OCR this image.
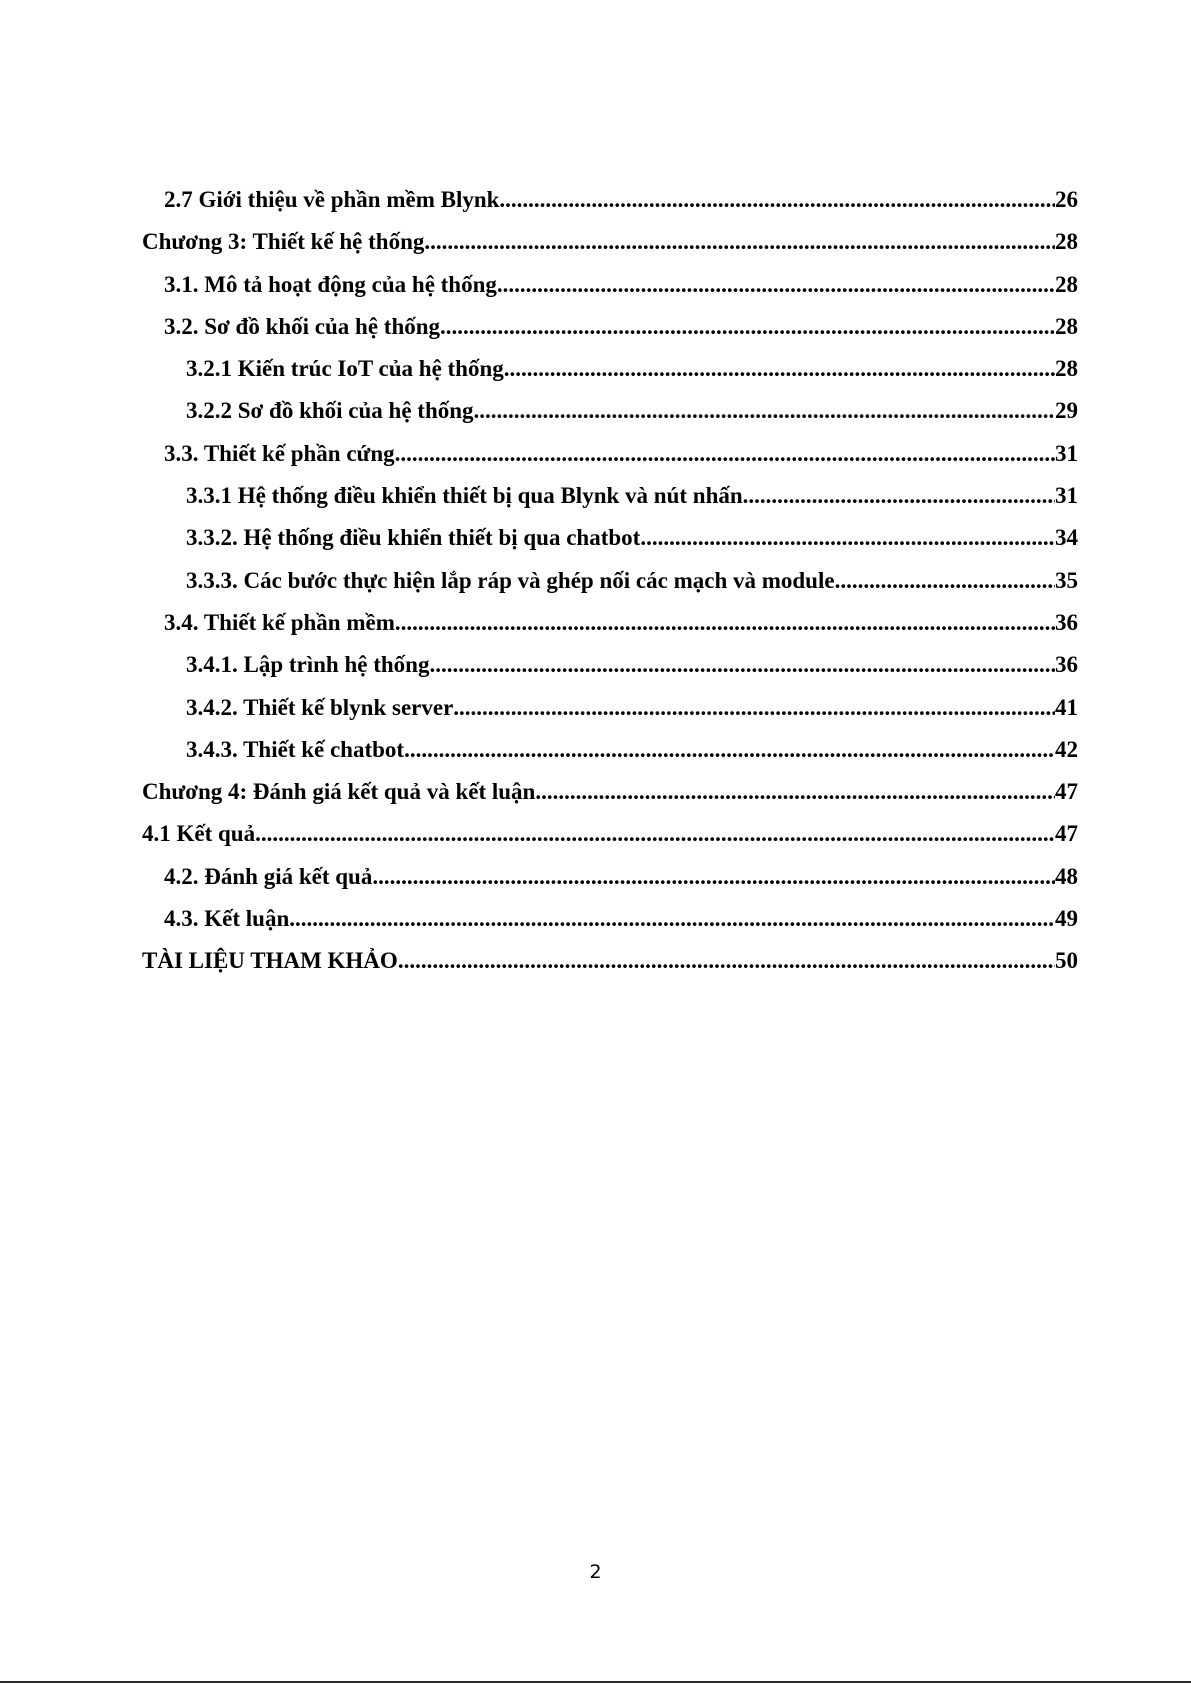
2.7 Giới thiệu về phần mềm Blynk .....	26
Chương 3: Thiết kế hệ thống .....	28
3.1. Mô tả hoạt động của hệ thống .....	28
3.2. Sơ đồ khối của hệ thống .....	28
3.2.1 Kiến trúc IoT của hệ thống .....	28
3.2.2 Sơ đồ khối của hệ thống .....	29
3.3. Thiết kế phần cứng .....	31
3.3.1 Hệ thống điều khiển thiết bị qua Blynk và nút nhấn .....	31
3.3.2. Hệ thống điều khiển thiết bị qua chatbot .....	34
3.3.3. Các bước thực hiện lắp ráp và ghép nối các mạch và module .....	35
3.4. Thiết kế phần mềm .....	36
3.4.1. Lập trình hệ thống .....	36
3.4.2. Thiết kế blynk server .....	41
3.4.3. Thiết kế chatbot .....	42
Chương 4: Đánh giá kết quả và kết luận .....	47
4.1 Kết quả .....	47
4.2. Đánh giá kết quả .....	48
4.3. Kết luận .....	49
TÀI LIỆU THAM KHẢO .....	50
2
